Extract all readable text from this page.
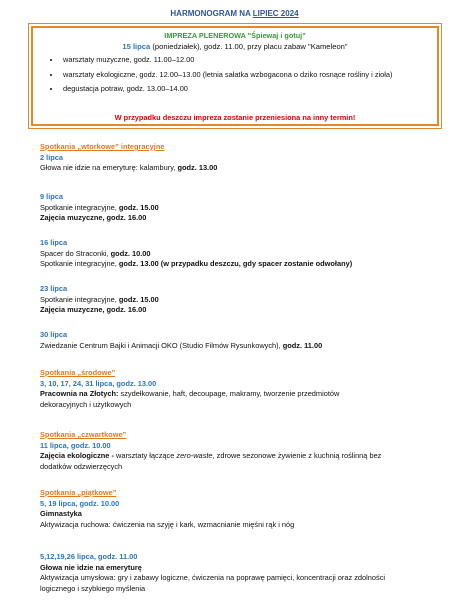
HARMONOGRAM NA LIPIEC 2024
IMPREZA PLENEROWA "Śpiewaj i gotuj"
15 lipca (poniedziałek), godz. 11.00, przy placu zabaw "Kameleon"
• warsztaty muzyczne, godz. 11.00–12.00
• warsztaty ekologiczne, godz. 12.00–13.00 (letnia sałatka wzbogacona o dziko rosnące rośliny i zioła)
• degustacja potraw, godz. 13.00–14.00
W przypadku deszczu impreza zostanie przeniesiona na inny termin!
Spotkania „wtorkowe” integracyjne
2 lipca
Głowa nie idzie na emeryturę: kalambury, godz. 13.00
9 lipca
Spotkanie integracyjne, godz. 15.00
Zajęcia muzyczne, godz. 16.00
16 lipca
Spacer do Straconki, godz. 10.00
Spotkanie integracyjne, godz. 13.00 (w przypadku deszczu, gdy spacer zostanie odwołany)
23 lipca
Spotkanie integracyjne, godz. 15.00
Zajęcia muzyczne, godz. 16.00
30 lipca
Zwiedzanie Centrum Bajki i Animacji OKO (Studio Filmów Rysunkowych), godz. 11.00
Spotkania „środowe”
3, 10, 17, 24, 31 lipca, godz. 13.00
Pracownia na Złotych: szydełkowanie, haft, decoupage, makramy, tworzenie przedmiotów
dekoracyjnych i użytkowych
Spotkania „czwartkowe”
11 lipca, godz. 10.00
Zajęcia ekologiczne - warsztaty łączące zero-waste, zdrowe sezonowe żywienie z kuchnią roślinną bez
dodatków odzwierzęcych
Spotkania „piątkowe”
5, 19 lipca, godz. 10.00
Gimnastyka
Aktywizacja ruchowa: ćwiczenia na szyję i kark, wzmacnianie mięśni rąk i nóg
5,12,19,26 lipca, godz. 11.00
Głowa nie idzie na emeryturę
Aktywizacja umysłowa: gry i zabawy logiczne, ćwiczenia na poprawę pamięci, koncentracji oraz zdolności
logicznego i szybkiego myślenia
